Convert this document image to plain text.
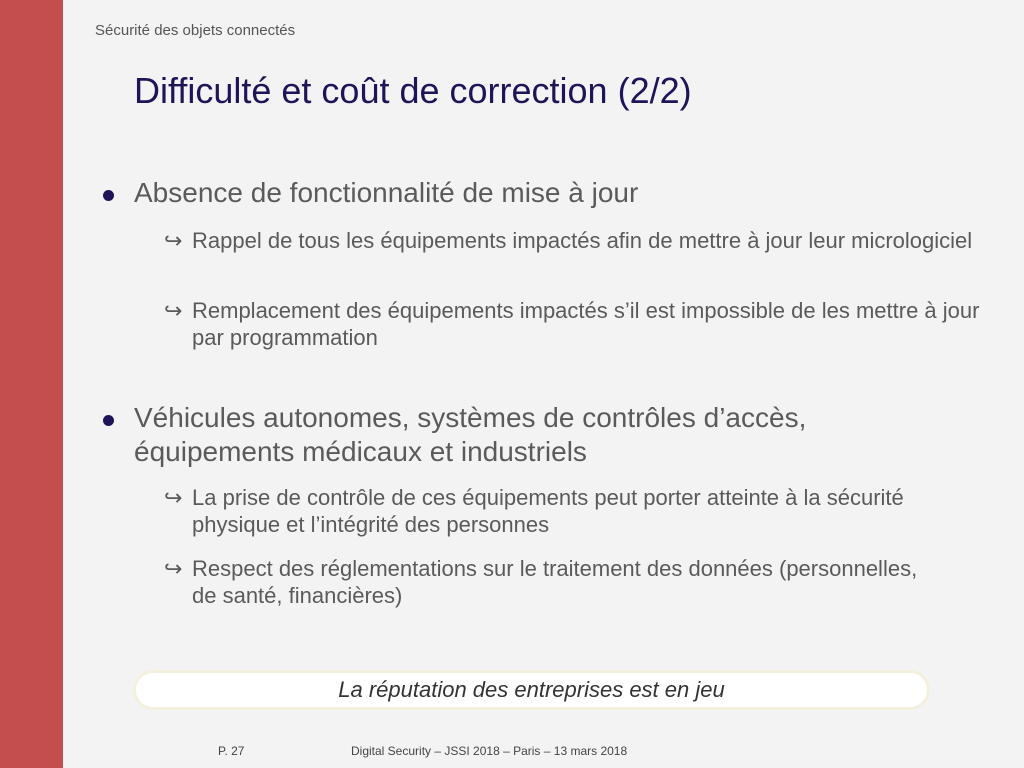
Sécurité des objets connectés
Difficulté et coût de correction (2/2)
Absence de fonctionnalité de mise à jour
↪ Rappel de tous les équipements impactés afin de mettre à jour leur micrologiciel
↪ Remplacement des équipements impactés s’il est impossible de les mettre à jour par programmation
Véhicules autonomes, systèmes de contrôles d’accès, équipements médicaux et industriels
↪ La prise de contrôle de ces équipements peut porter atteinte à la sécurité physique et l’intégrité des personnes
↪ Respect des réglementations sur le traitement des données (personnelles, de santé, financières)
La réputation des entreprises est en jeu
P. 27	Digital Security – JSSI 2018 – Paris – 13 mars 2018
